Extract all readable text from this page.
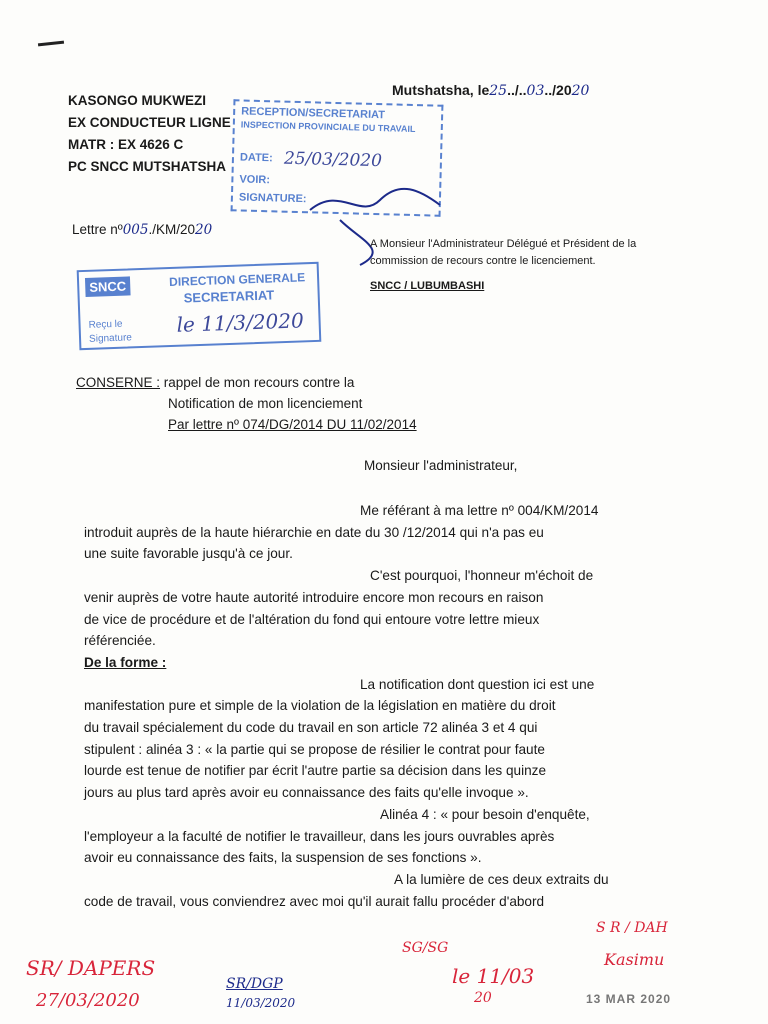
KASONGO MUKWEZI
EX CONDUCTEUR LIGNE
MATR : EX 4626 C
PC SNCC MUTSHATSHA
Mutshatsha, le25../..03../2020
RECEPTION/SECRETARIAT
INSPECTION PROVINCIALE DU TRAVAIL
DATE: 25/03/2020
VOIR:
SIGNATURE:
Lettre nº005./KM/2020
A Monsieur l'Administrateur Délégué et Président de la commission de recours contre le licenciement.
SNCC / LUBUMBASHI
SNCC	DIRECTION GENERALE
SECRETARIAT
Reçu le
Signature
le 11/3/2020
CONSERNE : rappel de mon recours contre la
Notification de mon licenciement
Par lettre nº 074/DG/2014 DU 11/02/2014
Monsieur l'administrateur,

Me référant à ma lettre nº 004/KM/2014

introduit auprès de la haute hiérarchie en date du 30 /12/2014 qui n'a pas eu

une suite favorable jusqu'à ce jour.

C'est pourquoi, l'honneur m'échoit de

venir auprès de votre haute autorité introduire encore mon recours en raison

de vice de procédure et de l'altération du fond qui entoure votre lettre mieux

référenciée.

De la forme :

La notification dont question ici est une

manifestation pure et simple de la violation de la législation en matière du droit

du travail spécialement du code du travail en son article 72 alinéa 3 et 4 qui

stipulent : alinéa 3 : « la partie qui se propose de résilier le contrat pour faute

lourde est tenue de notifier par écrit l'autre partie sa décision dans les quinze

jours au plus tard après avoir eu connaissance des faits qu'elle invoque ».

Alinéa 4 : « pour besoin d'enquête,

l'employeur a la faculté de notifier le travailleur, dans les jours ouvrables après

avoir eu connaissance des faits, la suspension de ses fonctions ».

A la lumière de ces deux extraits du

code de travail, vous conviendrez avec moi qu'il aurait fallu procéder d'abord

SR/ DAPERS
27/03/2020
SR/DGP
11/03/2020
SG/SG
le 11/03
20
S R / DAH
Kasimu
13 MAR 2020
